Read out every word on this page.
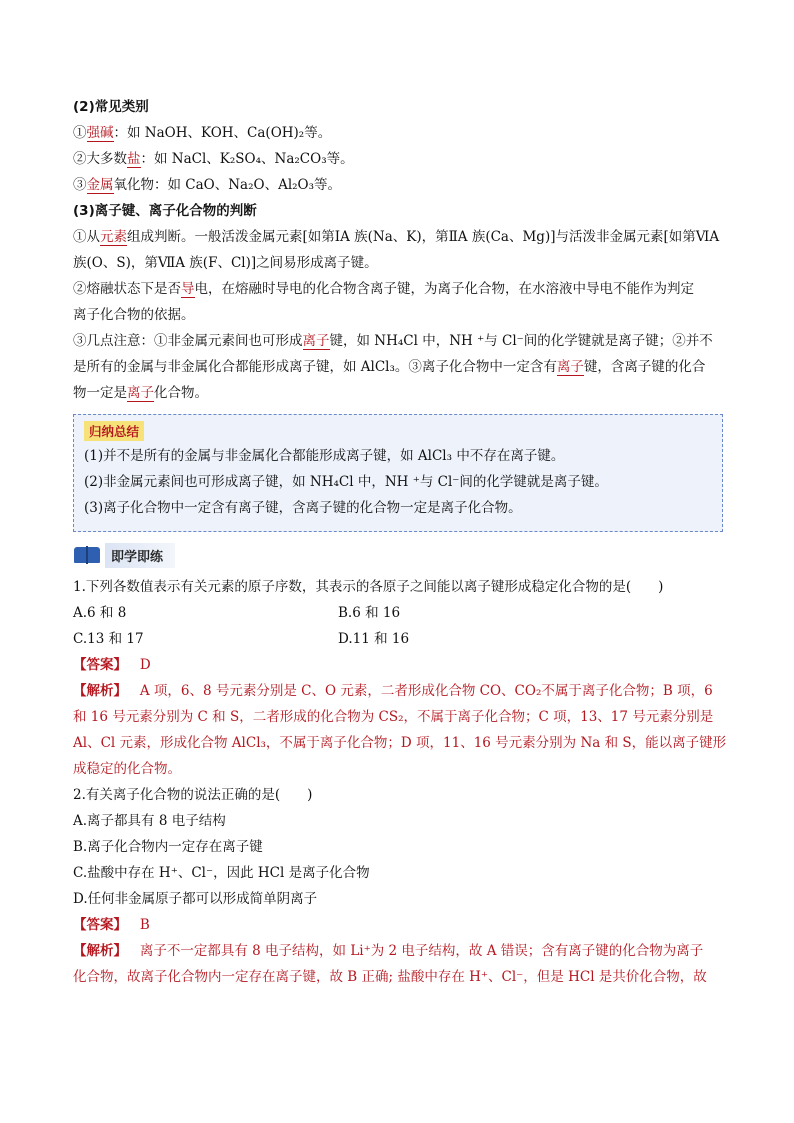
(2)常见类别
①强碱：如 NaOH、KOH、Ca(OH)₂等。
②大多数盐：如 NaCl、K₂SO₄、Na₂CO₃等。
③金属氧化物：如 CaO、Na₂O、Al₂O₃等。
(3)离子键、离子化合物的判断
①从元素组成判断。一般活泼金属元素[如第ⅠA 族(Na、K)，第ⅡA 族(Ca、Mg)]与活泼非金属元素[如第ⅥA
族(O、S)，第ⅦA 族(F、Cl)]之间易形成离子键。
②熔融状态下是否导电，在熔融时导电的化合物含离子键，为离子化合物，在水溶液中导电不能作为判定
离子化合物的依据。
③几点注意：①非金属元素间也可形成离子键，如 NH₄Cl 中，NH ⁺与 Cl⁻间的化学键就是离子键；②并不
是所有的金属与非金属化合都能形成离子键，如 AlCl₃。③离子化合物中一定含有离子键，含离子键的化合
物一定是离子化合物。
归纳总结
(1)并不是所有的金属与非金属化合都能形成离子键，如 AlCl₃ 中不存在离子键。
(2)非金属元素间也可形成离子键，如 NH₄Cl 中，NH ⁺与 Cl⁻间的化学键就是离子键。
(3)离子化合物中一定含有离子键，含离子键的化合物一定是离子化合物。
即学即练
1.下列各数值表示有关元素的原子序数，其表示的各原子之间能以离子键形成稳定化合物的是(　　)
A.6 和 8	B.6 和 16
C.13 和 17	D.11 和 16
【答案】 D
【解析】 A 项，6、8 号元素分别是 C、O 元素，二者形成化合物 CO、CO₂不属于离子化合物；B 项，6
和 16 号元素分别为 C 和 S，二者形成的化合物为 CS₂，不属于离子化合物；C 项，13、17 号元素分别是
Al、Cl 元素，形成化合物 AlCl₃，不属于离子化合物；D 项，11、16 号元素分别为 Na 和 S，能以离子键形
成稳定的化合物。
2.有关离子化合物的说法正确的是(　　)
A.离子都具有 8 电子结构
B.离子化合物内一定存在离子键
C.盐酸中存在 H⁺、Cl⁻，因此 HCl 是离子化合物
D.任何非金属原子都可以形成简单阴离子
【答案】 B
【解析】 离子不一定都具有 8 电子结构，如 Li⁺为 2 电子结构，故 A 错误；含有离子键的化合物为离子
化合物，故离子化合物内一定存在离子键，故 B 正确; 盐酸中存在 H⁺、Cl⁻，但是 HCl 是共价化合物，故
